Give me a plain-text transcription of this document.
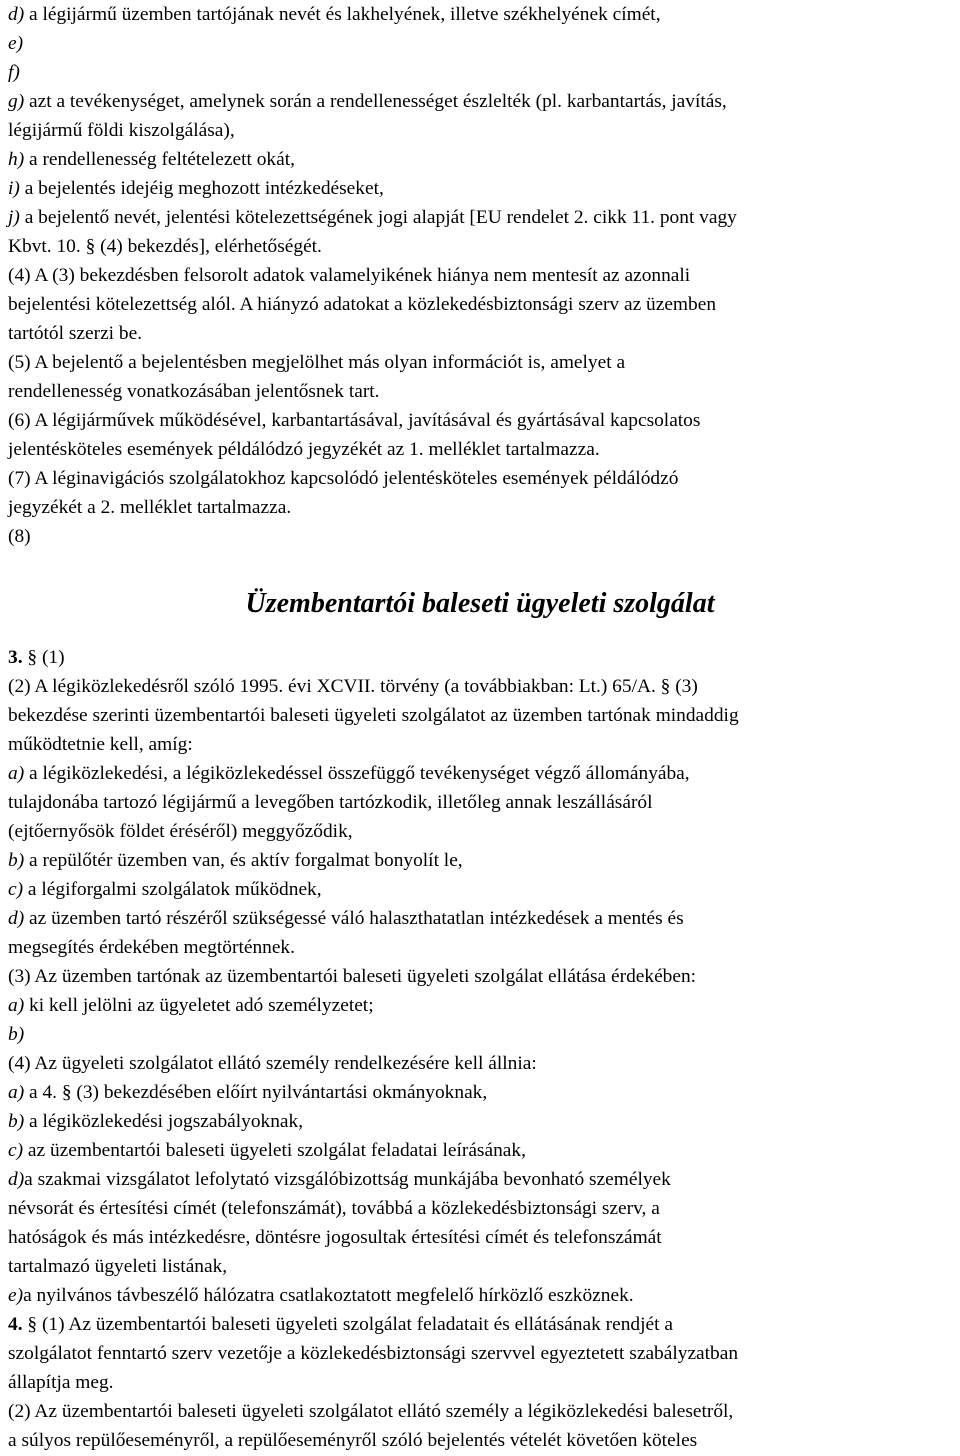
d) a légijármű üzemben tartójának nevét és lakhelyének, illetve székhelyének címét,

e)

f)

g) azt a tevékenységet, amelynek során a rendellenességet észlelték (pl. karbantartás, javítás,

légijármű földi kiszolgálása),

h) a rendellenesség feltételezett okát,

i) a bejelentés idejéig meghozott intézkedéseket,

j) a bejelentő nevét, jelentési kötelezettségének jogi alapját [EU rendelet 2. cikk 11. pont vagy

Kbvt. 10. § (4) bekezdés], elérhetőségét.

(4) A (3) bekezdésben felsorolt adatok valamelyikének hiánya nem mentesít az azonnali

bejelentési kötelezettség alól. A hiányzó adatokat a közlekedésbiztonsági szerv az üzemben

tartótól szerzi be.

(5) A bejelentő a bejelentésben megjelölhet más olyan információt is, amelyet a

rendellenesség vonatkozásában jelentősnek tart.

(6) A légijárművek működésével, karbantartásával, javításával és gyártásával kapcsolatos

jelentésköteles események példálódzó jegyzékét az 1. melléklet tartalmazza.

(7) A léginavigációs szolgálatokhoz kapcsolódó jelentésköteles események példálódzó

jegyzékét a 2. melléklet tartalmazza.

(8)

Üzembentartói baleseti ügyeleti szolgálat

3. § (1)

(2) A légiközlekedésről szóló 1995. évi XCVII. törvény (a továbbiakban: Lt.) 65/A. § (3)

bekezdése szerinti üzembentartói baleseti ügyeleti szolgálatot az üzemben tartónak mindaddig

működtetnie kell, amíg:

a) a légiközlekedési, a légiközlekedéssel összefüggő tevékenységet végző állományába,

tulajdonába tartozó légijármű a levegőben tartózkodik, illetőleg annak leszállásáról

(ejtőernyősök földet éréséről) meggyőződik,

b) a repülőtér üzemben van, és aktív forgalmat bonyolít le,

c) a légiforgalmi szolgálatok működnek,

d) az üzemben tartó részéről szükségessé váló halaszthatatlan intézkedések a mentés és

megsegítés érdekében megtörténnek.

(3) Az üzemben tartónak az üzembentartói baleseti ügyeleti szolgálat ellátása érdekében:

a) ki kell jelölni az ügyeletet adó személyzetet;

b)

(4) Az ügyeleti szolgálatot ellátó személy rendelkezésére kell állnia:

a) a 4. § (3) bekezdésében előírt nyilvántartási okmányoknak,

b) a légiközlekedési jogszabályoknak,

c) az üzembentartói baleseti ügyeleti szolgálat feladatai leírásának,

d)a szakmai vizsgálatot lefolytató vizsgálóbizottság munkájába bevonható személyek

névsorát és értesítési címét (telefonszámát), továbbá a közlekedésbiztonsági szerv, a

hatóságok és más intézkedésre, döntésre jogosultak értesítési címét és telefonszámát

tartalmazó ügyeleti listának,

e)a nyilvános távbeszélő hálózatra csatlakoztatott megfelelő hírközlő eszköznek.

4. § (1) Az üzembentartói baleseti ügyeleti szolgálat feladatait és ellátásának rendjét a

szolgálatot fenntartó szerv vezetője a közlekedésbiztonsági szervvel egyeztetett szabályzatban

állapítja meg.

(2) Az üzembentartói baleseti ügyeleti szolgálatot ellátó személy a légiközlekedési balesetről,

a súlyos repülőeseményről, a repülőeseményről szóló bejelentés vételét követően köteles
